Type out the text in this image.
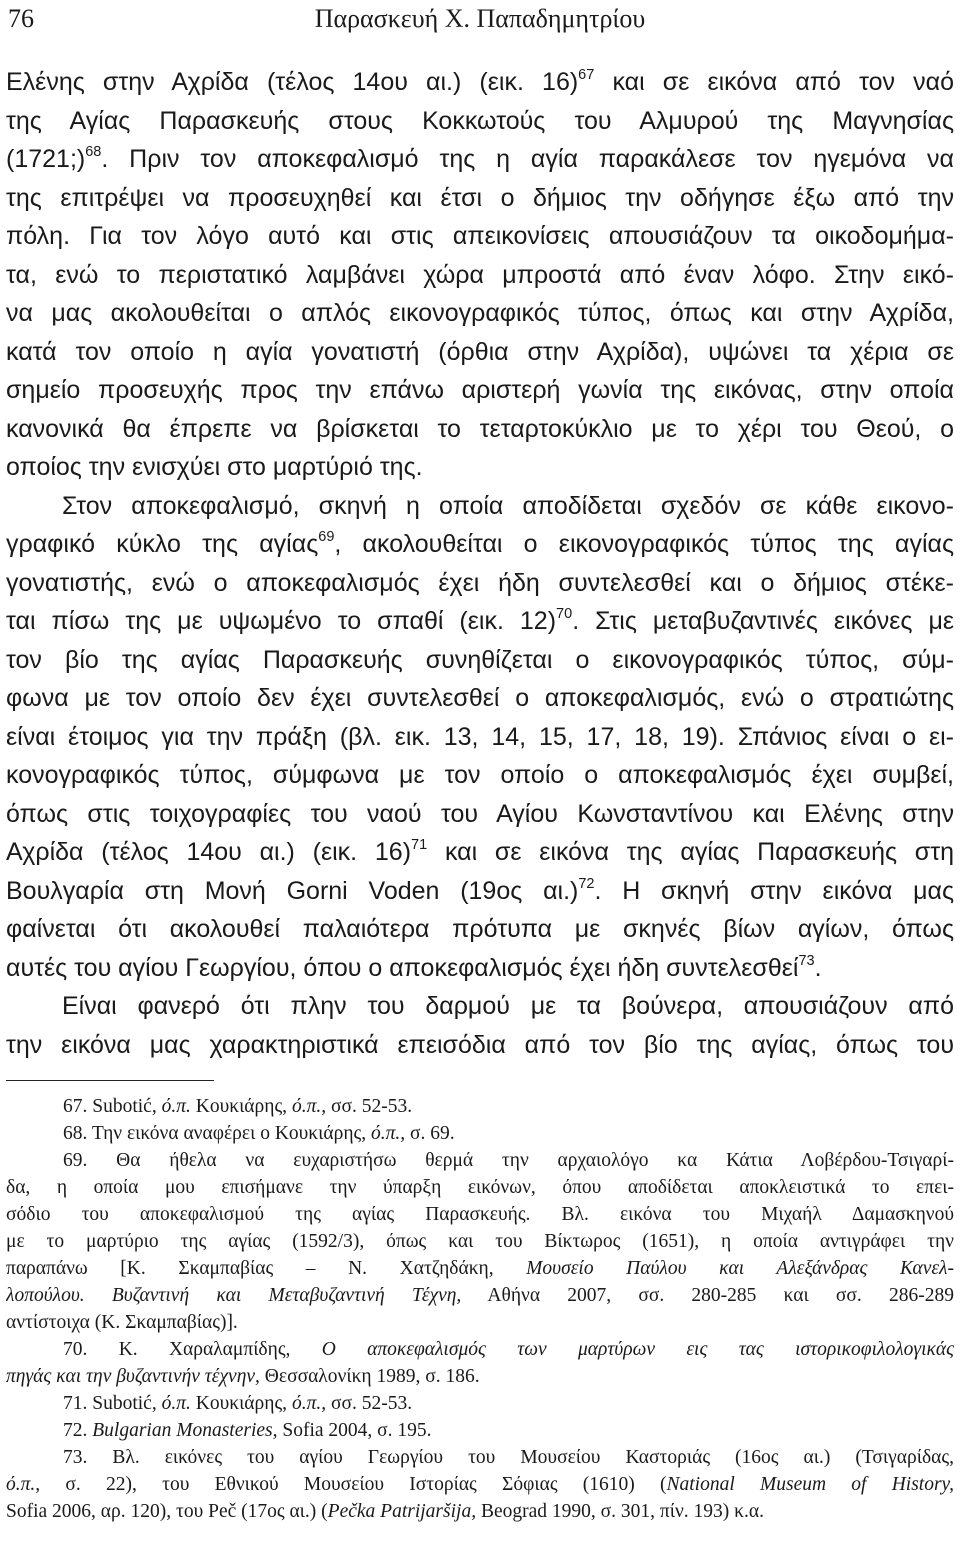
76	Παρασκευή Χ. Παπαδημητρίου
Ελένης στην Αχρίδα (τέλος 14ου αι.) (εικ. 16)$^{67}$ και σε εικόνα από τον ναό
της Αγίας Παρασκευής στους Κοκκωτούς του Αλμυρού της Μαγνησίας
(1721;)$^{68}$. Πριν τον αποκεφαλισμό της η αγία παρακάλεσε τον ηγεμόνα να
της επιτρέψει να προσευχηθεί και έτσι ο δήμιος την οδήγησε έξω από την
πόλη. Για τον λόγο αυτό και στις απεικονίσεις απουσιάζουν τα οικοδομήμα-
τα, ενώ το περιστατικό λαμβάνει χώρα μπροστά από έναν λόφο. Στην εικό-
να μας ακολουθείται ο απλός εικονογραφικός τύπος, όπως και στην Αχρίδα,
κατά τον οποίο η αγία γονατιστή (όρθια στην Αχρίδα), υψώνει τα χέρια σε
σημείο προσευχής προς την επάνω αριστερή γωνία της εικόνας, στην οποία
κανονικά θα έπρεπε να βρίσκεται το τεταρτοκύκλιο με το χέρι του Θεού, ο
οποίος την ενισχύει στο μαρτύριό της.
Στον αποκεφαλισμό, σκηνή η οποία αποδίδεται σχεδόν σε κάθε εικονο-
γραφικό κύκλο της αγίας$^{69}$, ακολουθείται ο εικονογραφικός τύπος της αγίας
γονατιστής, ενώ ο αποκεφαλισμός έχει ήδη συντελεσθεί και ο δήμιος στέκε-
ται πίσω της με υψωμένο το σπαθί (εικ. 12)$^{70}$. Στις μεταβυζαντινές εικόνες με
τον βίο της αγίας Παρασκευής συνηθίζεται ο εικονογραφικός τύπος, σύμ-
φωνα με τον οποίο δεν έχει συντελεσθεί ο αποκεφαλισμός, ενώ ο στρατιώτης
είναι έτοιμος για την πράξη (βλ. εικ. 13, 14, 15, 17, 18, 19). Σπάνιος είναι ο ει-
κονογραφικός τύπος, σύμφωνα με τον οποίο ο αποκεφαλισμός έχει συμβεί,
όπως στις τοιχογραφίες του ναού του Αγίου Κωνσταντίνου και Ελένης στην
Αχρίδα (τέλος 14ου αι.) (εικ. 16)$^{71}$ και σε εικόνα της αγίας Παρασκευής στη
Βουλγαρία στη Μονή Gorni Voden (19ος αι.)$^{72}$. Η σκηνή στην εικόνα μας
φαίνεται ότι ακολουθεί παλαιότερα πρότυπα με σκηνές βίων αγίων, όπως
αυτές του αγίου Γεωργίου, όπου ο αποκεφαλισμός έχει ήδη συντελεσθεί$^{73}$.
Είναι φανερό ότι πλην του δαρμού με τα βούνερα, απουσιάζουν από
την εικόνα μας χαρακτηριστικά επεισόδια από τον βίο της αγίας, όπως του
67. Subotić, ό.π. Κουκιάρης, ό.π., σσ. 52-53.
68. Την εικόνα αναφέρει ο Κουκιάρης, ό.π., σ. 69.
69. Θα ήθελα να ευχαριστήσω θερμά την αρχαιολόγο κα Κάτια Λοβέρδου-Τσιγαρί-
δα, η οποία μου επισήμανε την ύπαρξη εικόνων, όπου αποδίδεται αποκλειστικά το επει-
σόδιο του αποκεφαλισμού της αγίας Παρασκευής. Βλ. εικόνα του Μιχαήλ Δαμασκηνού
με το μαρτύριο της αγίας (1592/3), όπως και του Βίκτωρος (1651), η οποία αντιγράφει την
παραπάνω [Κ. Σκαμπαβίας – Ν. Χατζηδάκη, Μουσείο Παύλου και Αλεξάνδρας Κανελ-
λοπούλου. Βυζαντινή και Μεταβυζαντινή Τέχνη, Αθήνα 2007, σσ. 280-285 και σσ. 286-289
αντίστοιχα (Κ. Σκαμπαβίας)].
70. Κ. Χαραλαμπίδης, Ο αποκεφαλισμός των μαρτύρων εις τας ιστορικοφιλολογικάς
πηγάς και την βυζαντινήν τέχνην, Θεσσαλονίκη 1989, σ. 186.
71. Subotić, ό.π. Κουκιάρης, ό.π., σσ. 52-53.
72. Bulgarian Monasteries, Sofia 2004, σ. 195.
73. Βλ. εικόνες του αγίου Γεωργίου του Μουσείου Καστοριάς (16ος αι.) (Τσιγαρίδας,
ό.π., σ. 22), του Εθνικού Μουσείου Ιστορίας Σόφιας (1610) (National Museum of History,
Sofia 2006, αρ. 120), του Peč (17ος αι.) (Pečka Patrijaršija, Beograd 1990, σ. 301, πίν. 193) κ.α.
